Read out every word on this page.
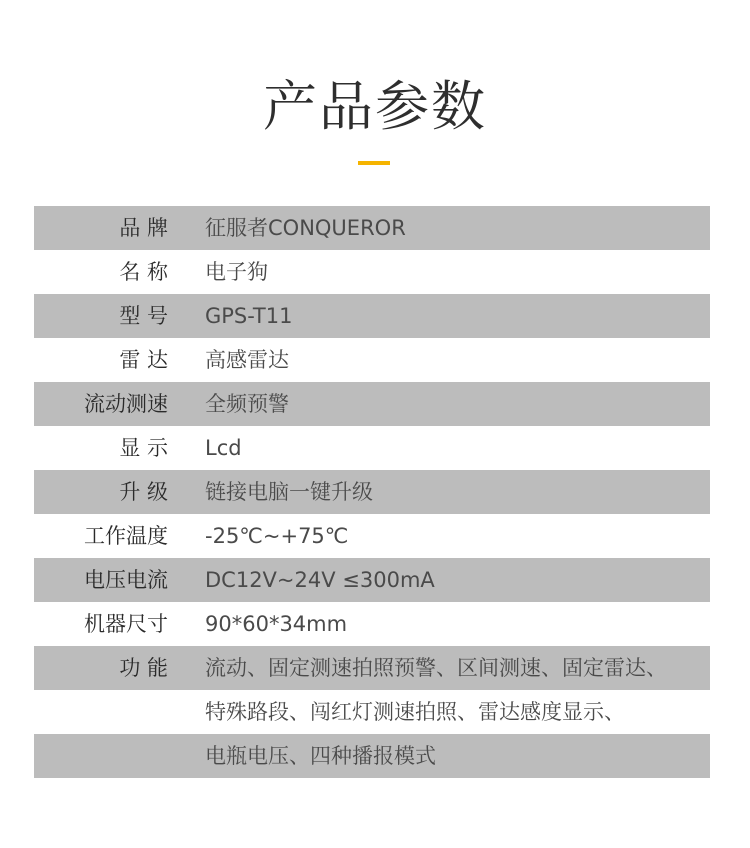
产品参数
品 牌 征服者CONQUEROR
名 称 电子狗
型 号 GPS-T11
雷 达 高感雷达
流动测速 全频预警
显 示 Lcd
升 级 链接电脑一键升级
工作温度 -25℃~+75℃
电压电流 DC12V~24V ≤300mA
机器尺寸 90*60*34mm
功 能 流动、固定测速拍照预警、区间测速、固定雷达、
特殊路段、闯红灯测速拍照、雷达感度显示、
电瓶电压、四种播报模式
